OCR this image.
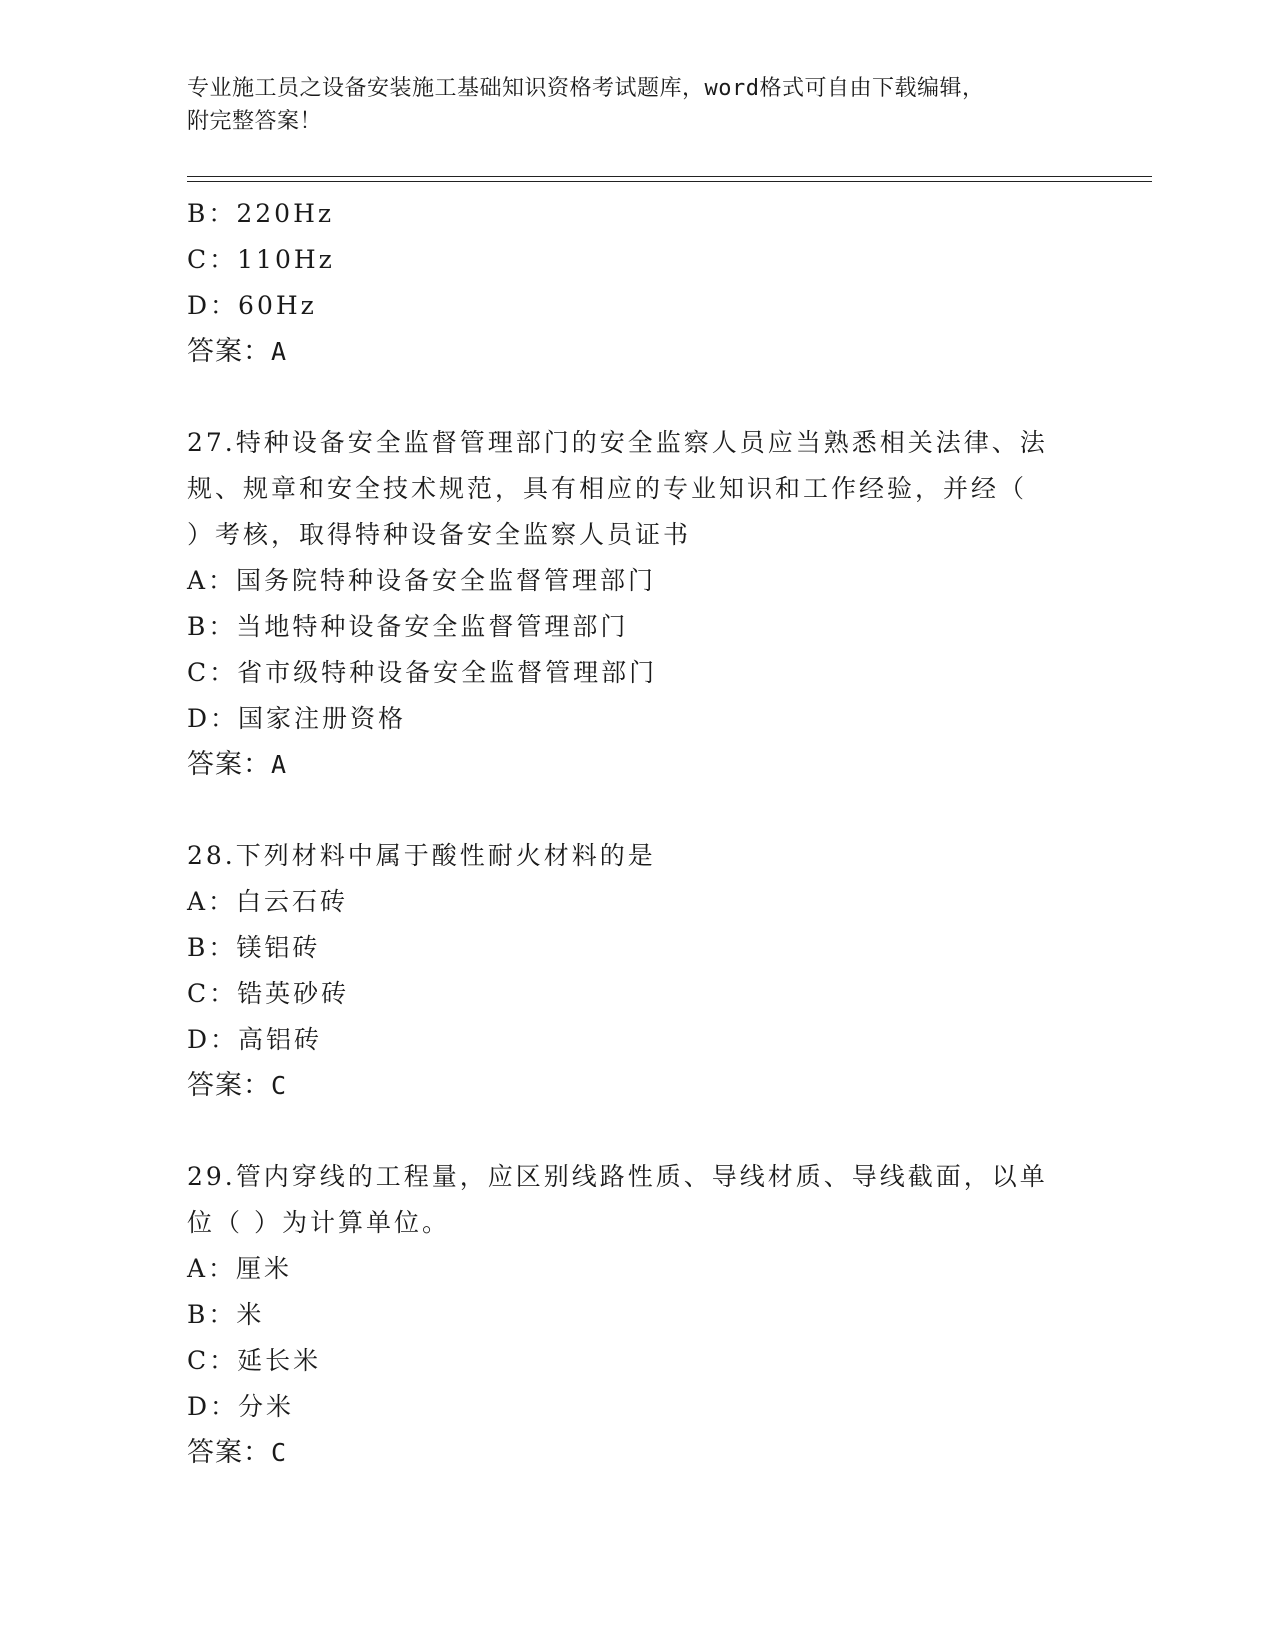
专业施工员之设备安装施工基础知识资格考试题库，word格式可自由下载编辑，
附完整答案！
B：220Hz
C：110Hz
D：60Hz
答案：A
27.特种设备安全监督管理部门的安全监察人员应当熟悉相关法律、法
规、规章和安全技术规范，具有相应的专业知识和工作经验，并经（
）考核，取得特种设备安全监察人员证书
A：国务院特种设备安全监督管理部门
B：当地特种设备安全监督管理部门
C：省市级特种设备安全监督管理部门
D：国家注册资格
答案：A
28.下列材料中属于酸性耐火材料的是
A：白云石砖
B：镁铝砖
C：锆英砂砖
D：高铝砖
答案：C
29.管内穿线的工程量，应区别线路性质、导线材质、导线截面，以单
位（ ）为计算单位。
A：厘米
B：米
C：延长米
D：分米
答案：C
